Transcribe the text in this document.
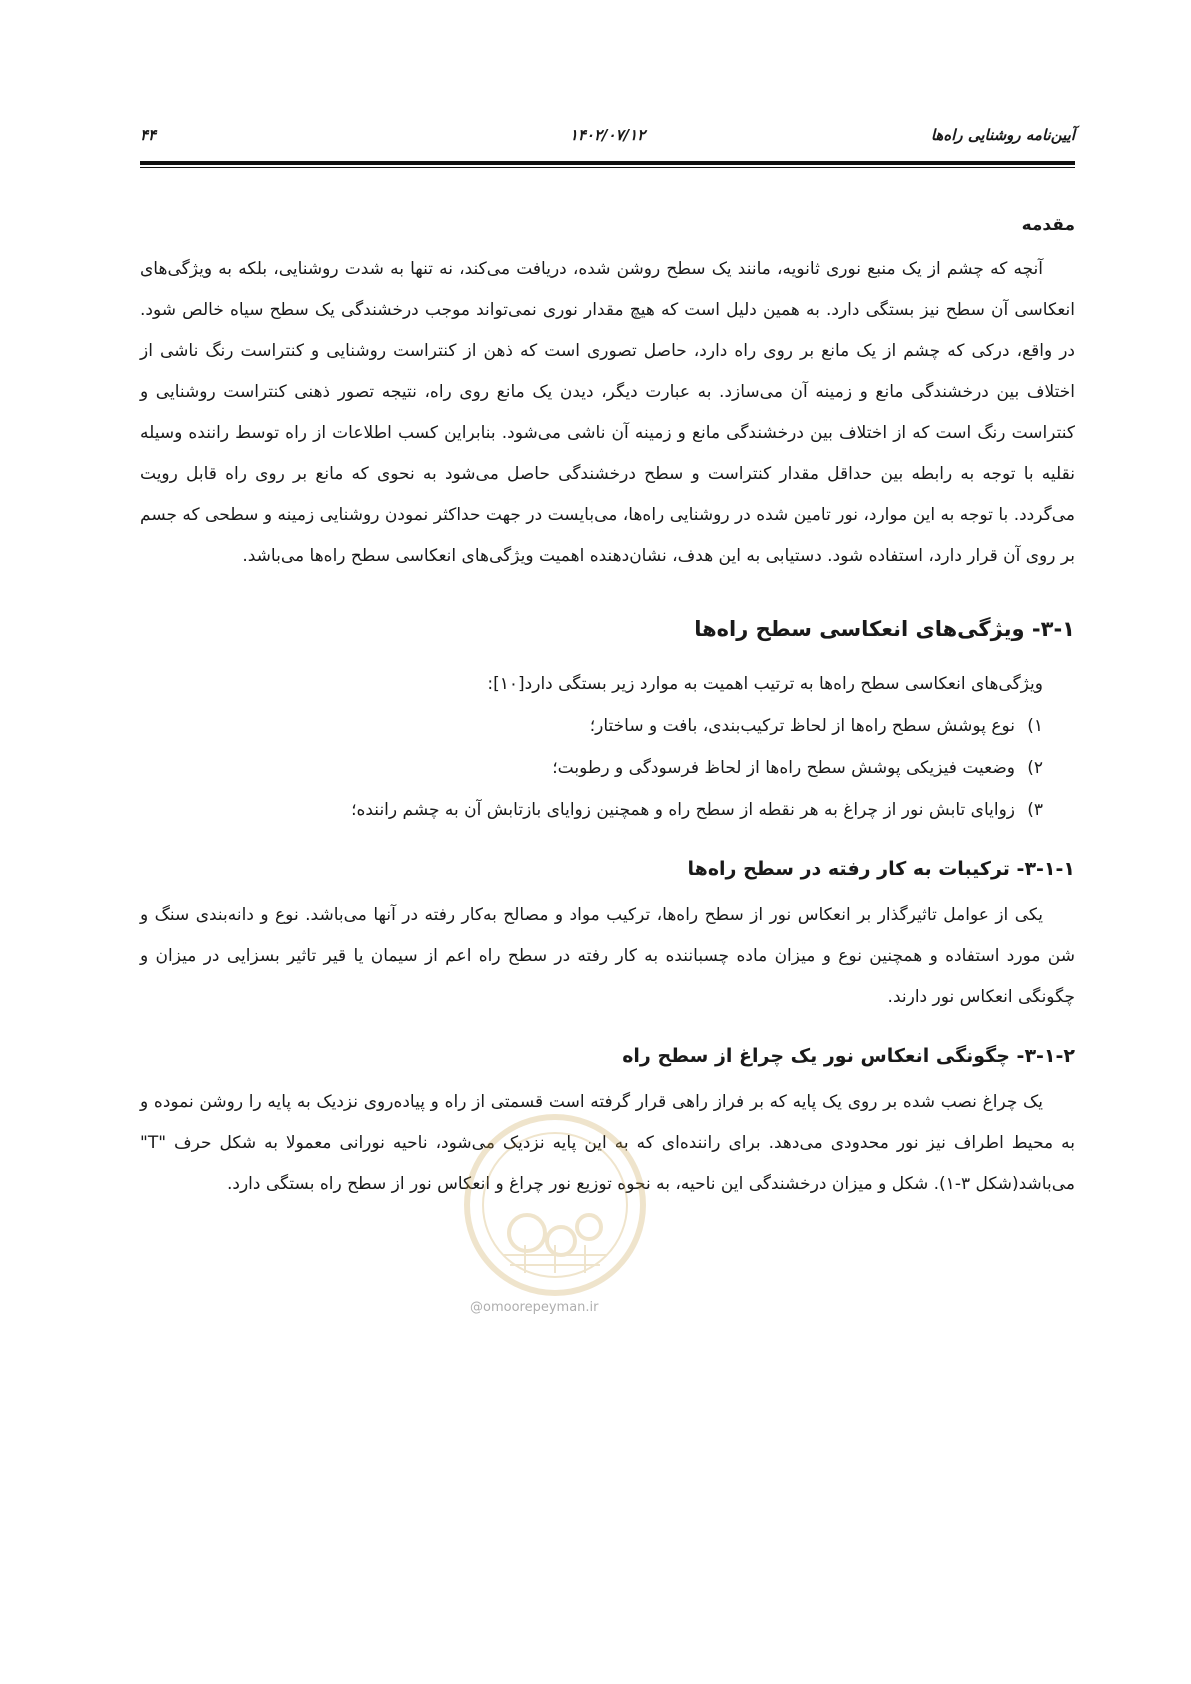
آیین‌نامه روشنایی راه‌ها
۱۴۰۲/۰۷/۱۲
۴۴
مقدمه

آنچه که چشم از یک منبع نوری ثانویه، مانند یک سطح روشن شده، دریافت می‌کند، نه تنها به شدت روشنایی، بلکه به ویژگی‌های انعکاسی آن سطح نیز بستگی دارد. به همین دلیل است که هیچ مقدار نوری نمی‌تواند موجب درخشندگی یک سطح سیاه خالص شود. در واقع، درکی که چشم از یک مانع بر روی راه دارد، حاصل تصوری است که ذهن از کنتراست روشنایی و کنتراست رنگ ناشی از اختلاف بین درخشندگی مانع و زمینه آن می‌سازد. به عبارت دیگر، دیدن یک مانع روی راه، نتیجه تصور ذهنی کنتراست روشنایی و کنتراست رنگ است که از اختلاف بین درخشندگی مانع و زمینه آن ناشی می‌شود. بنابراین کسب اطلاعات از راه توسط راننده وسیله نقلیه با توجه به رابطه بین حداقل مقدار کنتراست و سطح درخشندگی حاصل می‌شود به نحوی که مانع بر روی راه قابل رویت می‌گردد. با توجه به این موارد، نور تامین شده در روشنایی راه‌ها، می‌بایست در جهت حداکثر نمودن روشنایی زمینه و سطحی که جسم بر روی آن قرار دارد، استفاده شود. دستیابی به این هدف، نشان‌دهنده اهمیت ویژگی‌های انعکاسی سطح راه‌ها می‌باشد.

۳-۱- ویژگی‌های انعکاسی سطح راه‌ها
ویژگی‌های انعکاسی سطح راه‌ها به ترتیب اهمیت به موارد زیر بستگی دارد[۱۰]:
۱)
نوع پوشش سطح راه‌ها از لحاظ ترکیب‌بندی، بافت و ساختار؛
۲)
وضعیت فیزیکی پوشش سطح راه‌ها از لحاظ فرسودگی و رطوبت؛
۳)
زوایای تابش نور از چراغ به هر نقطه از سطح راه و همچنین زوایای بازتابش آن به چشم راننده؛
۳-۱-۱- ترکیبات به کار رفته در سطح راه‌ها

یکی از عوامل تاثیرگذار بر انعکاس نور از سطح راه‌ها، ترکیب مواد و مصالح به‌کار رفته در آنها می‌باشد. نوع و دانه‌بندی سنگ و شن مورد استفاده و همچنین نوع و میزان ماده چسباننده به کار رفته در سطح راه اعم از سیمان یا قیر تاثیر بسزایی در میزان و چگونگی انعکاس نور دارند.

۳-۱-۲- چگونگی انعکاس نور یک چراغ از سطح راه

یک چراغ نصب شده بر روی یک پایه که بر فراز راهی قرار گرفته است قسمتی از راه و پیاده‌روی نزدیک به پایه را روشن نموده و به محیط اطراف نیز نور محدودی می‌دهد. برای راننده‌ای که به این پایه نزدیک می‌شود، ناحیه نورانی معمولا به شکل حرف "T" می‌باشد(شکل ۳-۱). شکل و میزان درخشندگی این ناحیه، به نحوه توزیع نور چراغ و انعکاس نور از سطح راه بستگی دارد.

@omoorepeyman.ir
